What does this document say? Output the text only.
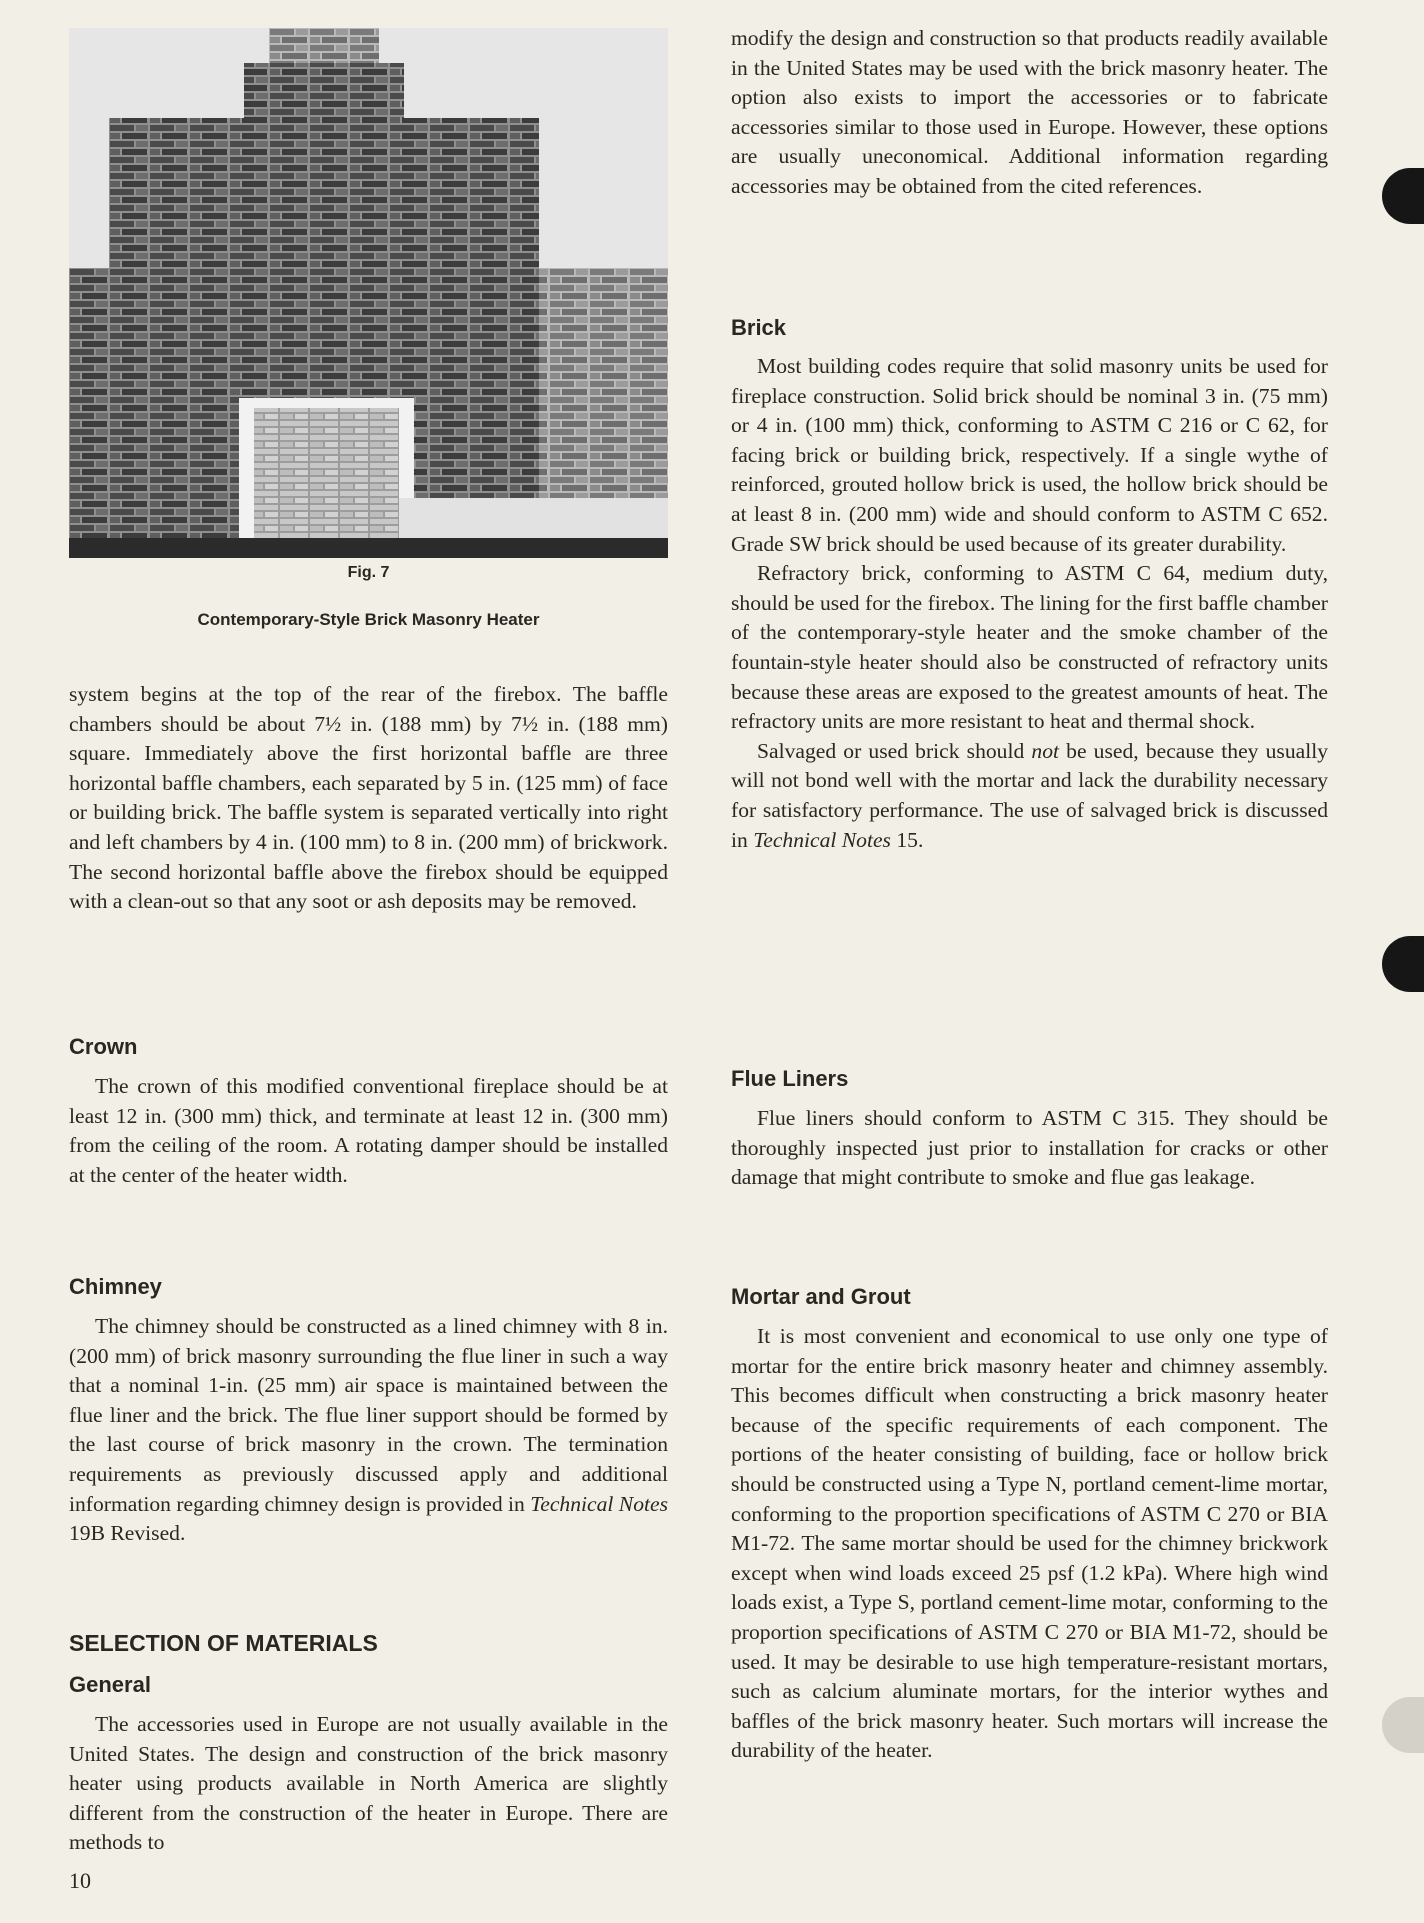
Fig. 7
Contemporary-Style Brick Masonry Heater

system begins at the top of the rear of the firebox. The baffle chambers should be about 7½ in. (188 mm) by 7½ in. (188 mm) square. Immediately above the first horizontal baffle are three horizontal baffle chambers, each separated by 5 in. (125 mm) of face or building brick. The baffle system is separated vertically into right and left chambers by 4 in. (100 mm) to 8 in. (200 mm) of brickwork. The second horizontal baffle above the firebox should be equipped with a clean-out so that any soot or ash deposits may be removed.

Crown

The crown of this modified conventional fireplace should be at least 12 in. (300 mm) thick, and terminate at least 12 in. (300 mm) from the ceiling of the room. A rotating damper should be installed at the center of the heater width.

Chimney

The chimney should be constructed as a lined chimney with 8 in. (200 mm) of brick masonry surrounding the flue liner in such a way that a nominal 1-in. (25 mm) air space is maintained between the flue liner and the brick. The flue liner support should be formed by the last course of brick masonry in the crown. The termination requirements as previously discussed apply and additional information regarding chimney design is provided in Technical Notes 19B Revised.

SELECTION OF MATERIALS
General

The accessories used in Europe are not usually available in the United States. The design and construction of the brick masonry heater using products available in North America are slightly different from the construction of the heater in Europe. There are methods to

10

modify the design and construction so that products readily available in the United States may be used with the brick masonry heater. The option also exists to import the accessories or to fabricate accessories similar to those used in Europe. However, these options are usually uneconomical. Additional information regarding accessories may be obtained from the cited references.

Brick

Most building codes require that solid masonry units be used for fireplace construction. Solid brick should be nominal 3 in. (75 mm) or 4 in. (100 mm) thick, conforming to ASTM C 216 or C 62, for facing brick or building brick, respectively. If a single wythe of reinforced, grouted hollow brick is used, the hollow brick should be at least 8 in. (200 mm) wide and should conform to ASTM C 652. Grade SW brick should be used because of its greater durability.

Refractory brick, conforming to ASTM C 64, medium duty, should be used for the firebox. The lining for the first baffle chamber of the contemporary-style heater and the smoke chamber of the fountain-style heater should also be constructed of refractory units because these areas are exposed to the greatest amounts of heat. The refractory units are more resistant to heat and thermal shock.

Salvaged or used brick should not be used, because they usually will not bond well with the mortar and lack the durability necessary for satisfactory performance. The use of salvaged brick is discussed in Technical Notes 15.

Flue Liners

Flue liners should conform to ASTM C 315. They should be thoroughly inspected just prior to installation for cracks or other damage that might contribute to smoke and flue gas leakage.

Mortar and Grout

It is most convenient and economical to use only one type of mortar for the entire brick masonry heater and chimney assembly. This becomes difficult when constructing a brick masonry heater because of the specific requirements of each component. The portions of the heater consisting of building, face or hollow brick should be constructed using a Type N, portland cement-lime mortar, conforming to the proportion specifications of ASTM C 270 or BIA M1-72. The same mortar should be used for the chimney brickwork except when wind loads exceed 25 psf (1.2 kPa). Where high wind loads exist, a Type S, portland cement-lime motar, conforming to the proportion specifications of ASTM C 270 or BIA M1-72, should be used. It may be desirable to use high temperature-resistant mortars, such as calcium aluminate mortars, for the interior wythes and baffles of the brick masonry heater. Such mortars will increase the durability of the heater.
